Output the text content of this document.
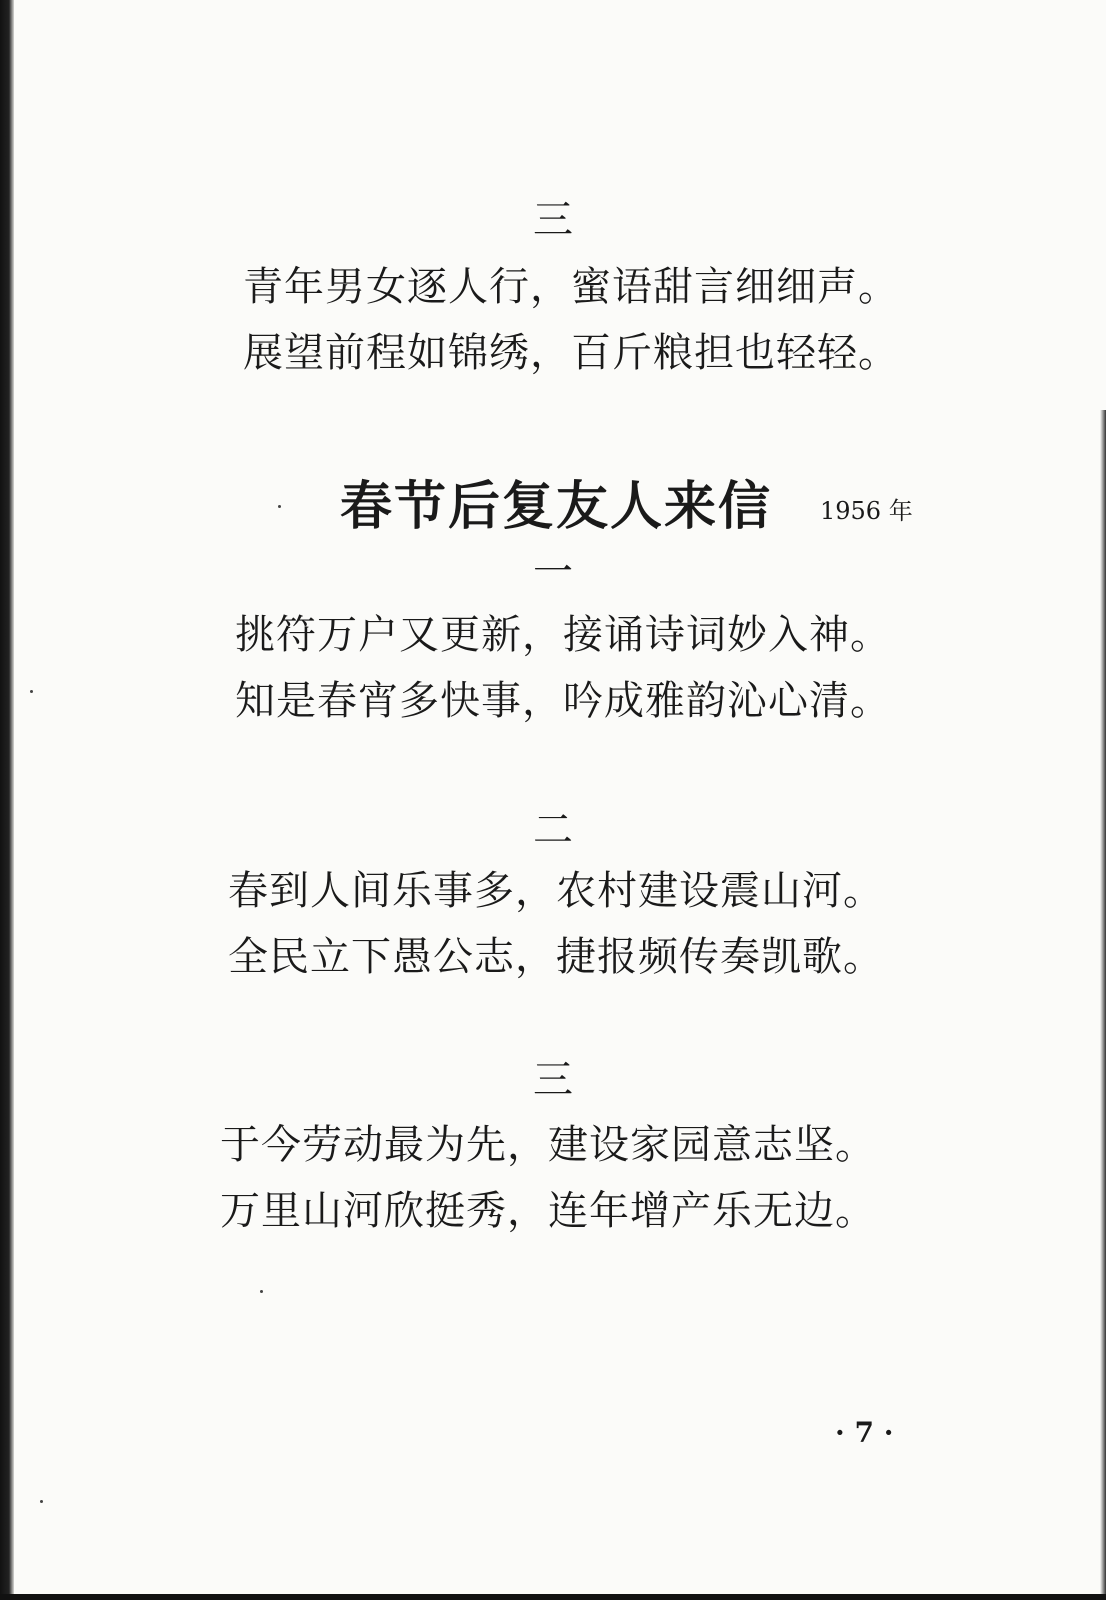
三
青年男女逐人行，蜜语甜言细细声。
展望前程如锦绣，百斤粮担也轻轻。
春节后复友人来信 1956 年
一
挑符万户又更新，接诵诗词妙入神。
知是春宵多快事，吟成雅韵沁心清。
二
春到人间乐事多，农村建设震山河。
全民立下愚公志，捷报频传奏凯歌。
三
于今劳动最为先，建设家园意志坚。
万里山河欣挺秀，连年增产乐无边。
· 7 ·
